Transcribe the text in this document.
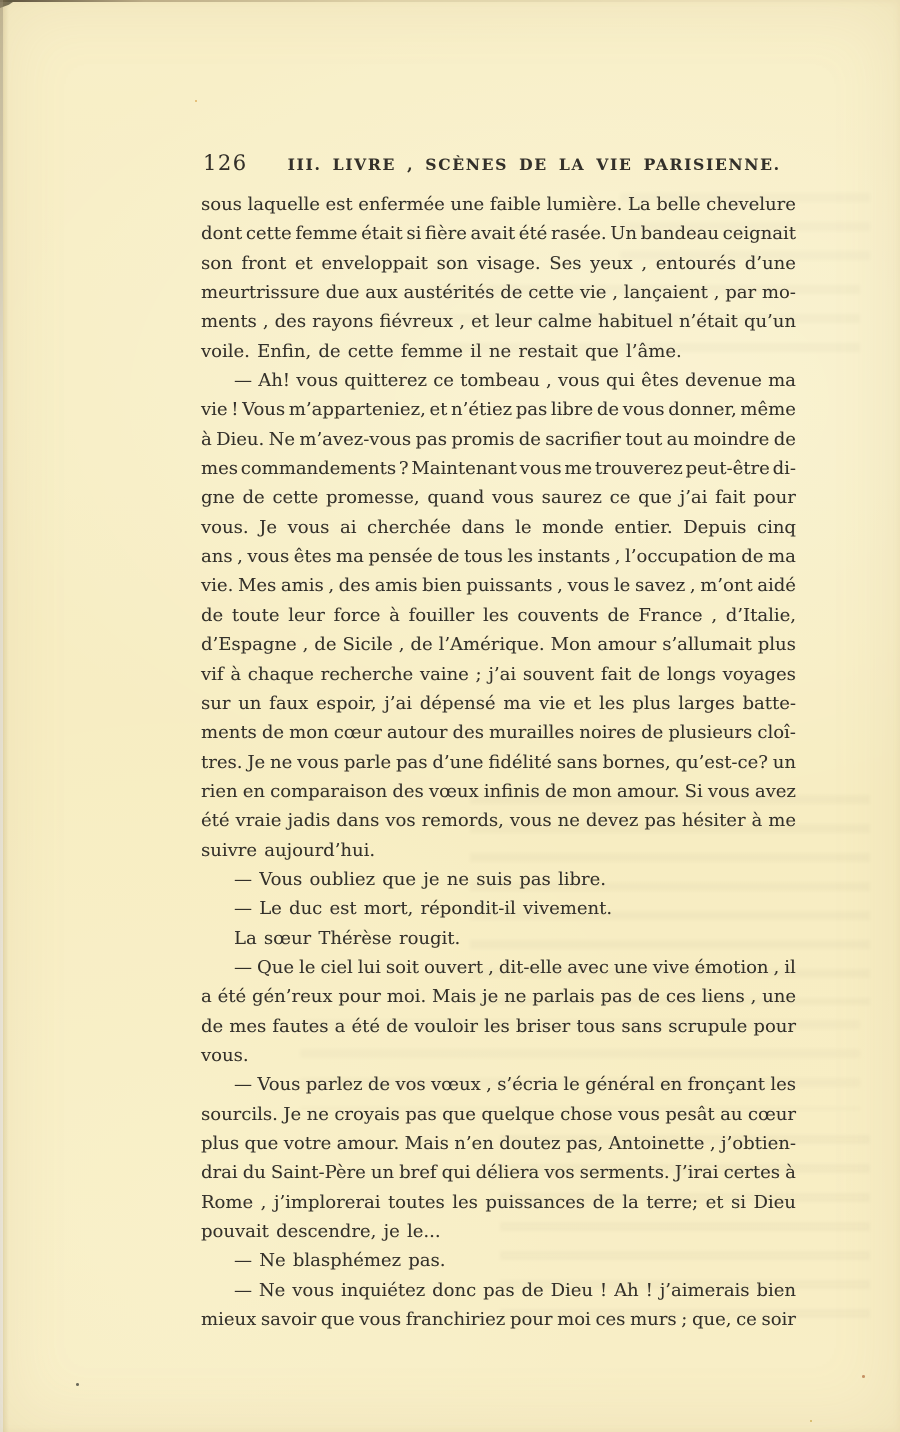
126	III. LIVRE , SCÈNES DE LA VIE PARISIENNE.
sous laquelle est enfermée une faible lumière. La belle chevelure
dont cette femme était si fière avait été rasée. Un bandeau ceignait
son front et enveloppait son visage. Ses yeux , entourés d’une
meurtrissure due aux austérités de cette vie , lançaient , par mo-
ments , des rayons fiévreux , et leur calme habituel n’était qu’un
voile. Enfin, de cette femme il ne restait que l’âme.
— Ah! vous quitterez ce tombeau , vous qui êtes devenue ma
vie ! Vous m’apparteniez, et n’étiez pas libre de vous donner, même
à Dieu. Ne m’avez-vous pas promis de sacrifier tout au moindre de
mes commandements ? Maintenant vous me trouverez peut-être di-
gne de cette promesse, quand vous saurez ce que j’ai fait pour
vous. Je vous ai cherchée dans le monde entier. Depuis cinq
ans , vous êtes ma pensée de tous les instants , l’occupation de ma
vie. Mes amis , des amis bien puissants , vous le savez , m’ont aidé
de toute leur force à fouiller les couvents de France , d’Italie,
d’Espagne , de Sicile , de l’Amérique. Mon amour s’allumait plus
vif à chaque recherche vaine ; j’ai souvent fait de longs voyages
sur un faux espoir, j’ai dépensé ma vie et les plus larges batte-
ments de mon cœur autour des murailles noires de plusieurs cloî-
tres. Je ne vous parle pas d’une fidélité sans bornes, qu’est-ce? un
rien en comparaison des vœux infinis de mon amour. Si vous avez
été vraie jadis dans vos remords, vous ne devez pas hésiter à me
suivre aujourd’hui.
— Vous oubliez que je ne suis pas libre.
— Le duc est mort, répondit-il vivement.
La sœur Thérèse rougit.
— Que le ciel lui soit ouvert , dit-elle avec une vive émotion , il
a été gén’reux pour moi. Mais je ne parlais pas de ces liens , une
de mes fautes a été de vouloir les briser tous sans scrupule pour
vous.
— Vous parlez de vos vœux , s’écria le général en fronçant les
sourcils. Je ne croyais pas que quelque chose vous pesât au cœur
plus que votre amour. Mais n’en doutez pas, Antoinette , j’obtien-
drai du Saint-Père un bref qui déliera vos serments. J’irai certes à
Rome , j’implorerai toutes les puissances de la terre; et si Dieu
pouvait descendre, je le...
— Ne blasphémez pas.
— Ne vous inquiétez donc pas de Dieu ! Ah ! j’aimerais bien
mieux savoir que vous franchiriez pour moi ces murs ; que, ce soir
